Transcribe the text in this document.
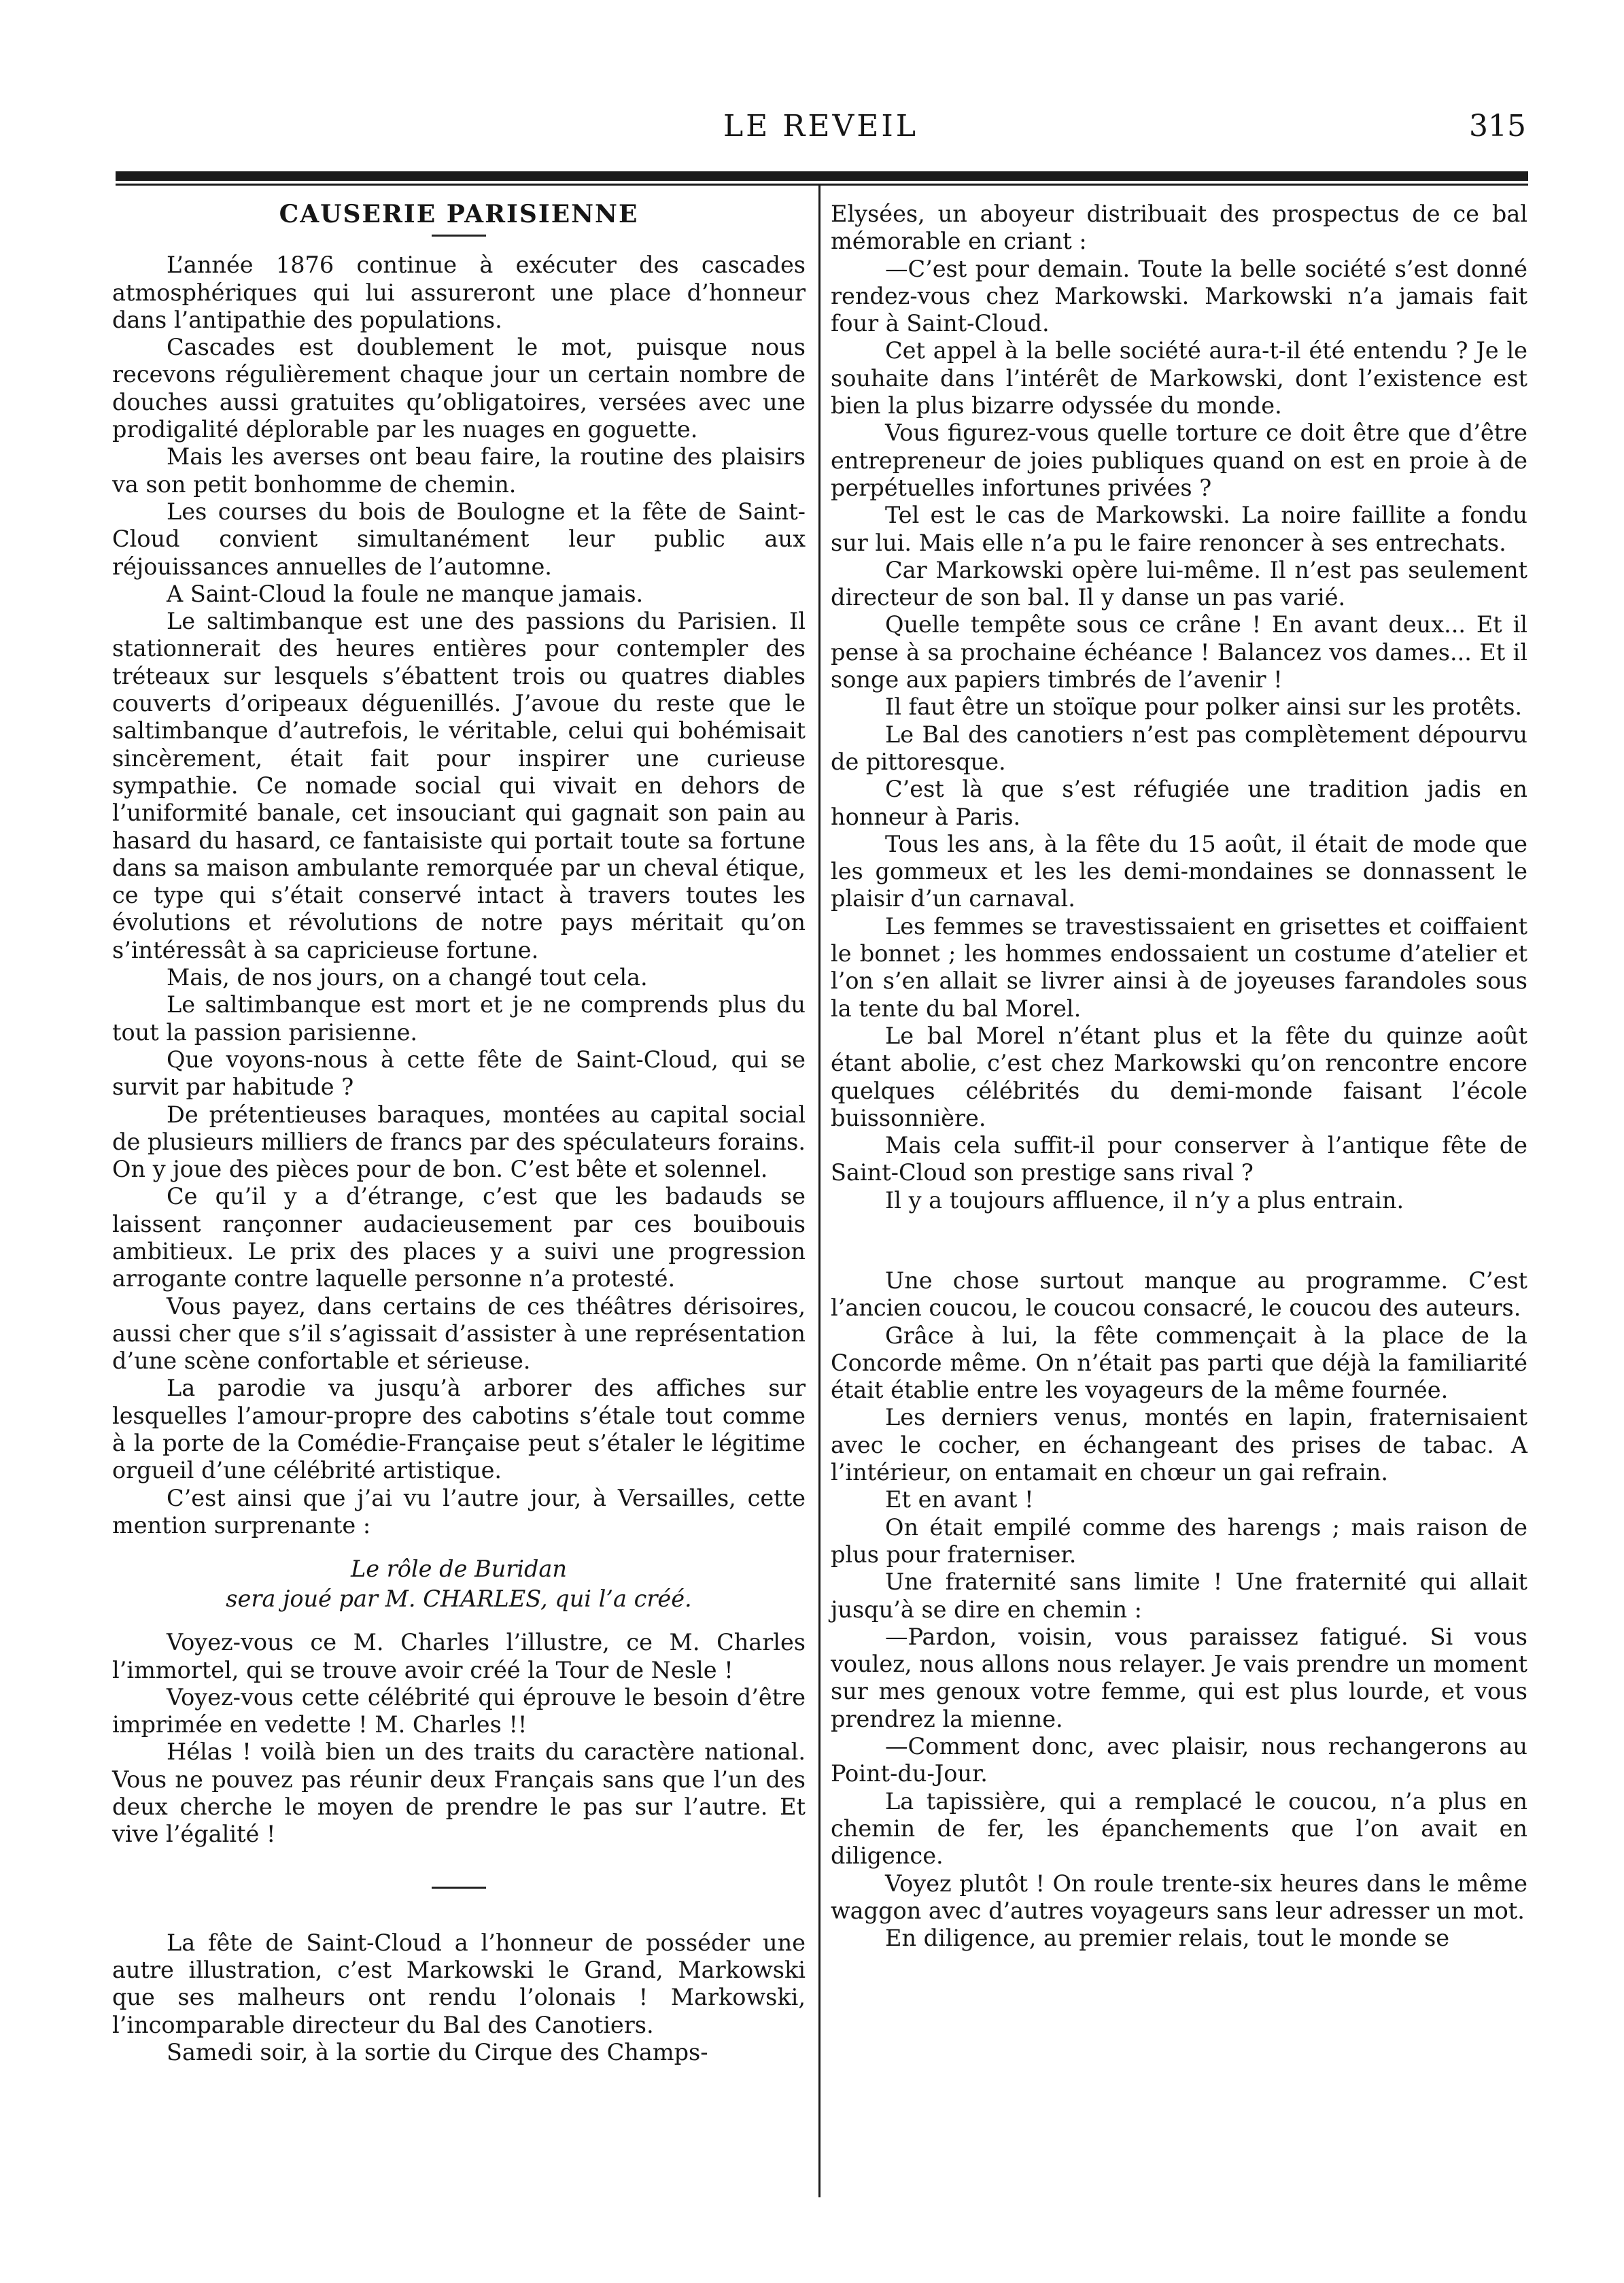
LE REVEIL	315
CAUSERIE PARISIENNE

L’année 1876 continue à exécuter des cascades atmosphériques qui lui assureront une place d’honneur dans l’antipathie des populations.

Cascades est doublement le mot, puisque nous recevons régulièrement chaque jour un certain nombre de douches aussi gratuites qu’obligatoires, versées avec une prodigalité déplorable par les nuages en goguette.

Mais les averses ont beau faire, la routine des plaisirs va son petit bonhomme de chemin.

Les courses du bois de Boulogne et la fête de Saint-Cloud convient simultanément leur public aux réjouissances annuelles de l’automne.

A Saint-Cloud la foule ne manque jamais.

Le saltimbanque est une des passions du Parisien. Il stationnerait des heures entières pour contempler des tréteaux sur lesquels s’ébattent trois ou quatres diables couverts d’oripeaux déguenillés. J’avoue du reste que le saltimbanque d’autrefois, le véritable, celui qui bohémisait sincèrement, était fait pour inspirer une curieuse sympathie. Ce nomade social qui vivait en dehors de l’uniformité banale, cet insouciant qui gagnait son pain au hasard du hasard, ce fantaisiste qui portait toute sa fortune dans sa maison ambulante remorquée par un cheval étique, ce type qui s’était conservé intact à travers toutes les évolutions et révolutions de notre pays méritait qu’on s’intéressât à sa capricieuse fortune.

Mais, de nos jours, on a changé tout cela.

Le saltimbanque est mort et je ne comprends plus du tout la passion parisienne.

Que voyons-nous à cette fête de Saint-Cloud, qui se survit par habitude ?

De prétentieuses baraques, montées au capital social de plusieurs milliers de francs par des spéculateurs forains. On y joue des pièces pour de bon. C’est bête et solennel.

Ce qu’il y a d’étrange, c’est que les badauds se laissent rançonner audacieusement par ces bouibouis ambitieux. Le prix des places y a suivi une progression arrogante contre laquelle personne n’a protesté.

Vous payez, dans certains de ces théâtres dérisoires, aussi cher que s’il s’agissait d’assister à une représentation d’une scène confortable et sérieuse.

La parodie va jusqu’à arborer des affiches sur lesquelles l’amour-propre des cabotins s’étale tout comme à la porte de la Comédie-Française peut s’étaler le légitime orgueil d’une célébrité artistique.

C’est ainsi que j’ai vu l’autre jour, à Versailles, cette mention surprenante :

Le rôle de Buridan
sera joué par M. CHARLES, qui l’a créé.

Voyez-vous ce M. Charles l’illustre, ce M. Charles l’immortel, qui se trouve avoir créé la Tour de Nesle !

Voyez-vous cette célébrité qui éprouve le besoin d’être imprimée en vedette ! M. Charles !!

Hélas ! voilà bien un des traits du caractère national. Vous ne pouvez pas réunir deux Français sans que l’un des deux cherche le moyen de prendre le pas sur l’autre. Et vive l’égalité !

La fête de Saint-Cloud a l’honneur de posséder une autre illustration, c’est Markowski le Grand, Markowski que ses malheurs ont rendu l’olonais ! Markowski, l’incomparable directeur du Bal des Canotiers.

Samedi soir, à la sortie du Cirque des Champs-

Elysées, un aboyeur distribuait des prospectus de ce bal mémorable en criant :

—C’est pour demain. Toute la belle société s’est donné rendez-vous chez Markowski. Markowski n’a jamais fait four à Saint-Cloud.

Cet appel à la belle société aura-t-il été entendu ? Je le souhaite dans l’intérêt de Markowski, dont l’existence est bien la plus bizarre odyssée du monde.

Vous figurez-vous quelle torture ce doit être que d’être entrepreneur de joies publiques quand on est en proie à de perpétuelles infortunes privées ?

Tel est le cas de Markowski. La noire faillite a fondu sur lui. Mais elle n’a pu le faire renoncer à ses entrechats.

Car Markowski opère lui-même. Il n’est pas seulement directeur de son bal. Il y danse un pas varié.

Quelle tempête sous ce crâne ! En avant deux... Et il pense à sa prochaine échéance ! Balancez vos dames... Et il songe aux papiers timbrés de l’avenir !

Il faut être un stoïque pour polker ainsi sur les protêts.

Le Bal des canotiers n’est pas complètement dépourvu de pittoresque.

C’est là que s’est réfugiée une tradition jadis en honneur à Paris.

Tous les ans, à la fête du 15 août, il était de mode que les gommeux et les les demi-mondaines se donnassent le plaisir d’un carnaval.

Les femmes se travestissaient en grisettes et coiffaient le bonnet ; les hommes endossaient un costume d’atelier et l’on s’en allait se livrer ainsi à de joyeuses farandoles sous la tente du bal Morel.

Le bal Morel n’étant plus et la fête du quinze août étant abolie, c’est chez Markowski qu’on rencontre encore quelques célébrités du demi-monde faisant l’école buissonnière.

Mais cela suffit-il pour conserver à l’antique fête de Saint-Cloud son prestige sans rival ?

Il y a toujours affluence, il n’y a plus entrain.

Une chose surtout manque au programme. C’est l’ancien coucou, le coucou consacré, le coucou des auteurs.

Grâce à lui, la fête commençait à la place de la Concorde même. On n’était pas parti que déjà la familiarité était établie entre les voyageurs de la même fournée.

Les derniers venus, montés en lapin, fraternisaient avec le cocher, en échangeant des prises de tabac. A l’intérieur, on entamait en chœur un gai refrain.

Et en avant !

On était empilé comme des harengs ; mais raison de plus pour fraterniser.

Une fraternité sans limite ! Une fraternité qui allait jusqu’à se dire en chemin :

—Pardon, voisin, vous paraissez fatigué. Si vous voulez, nous allons nous relayer. Je vais prendre un moment sur mes genoux votre femme, qui est plus lourde, et vous prendrez la mienne.

—Comment donc, avec plaisir, nous rechangerons au Point-du-Jour.

La tapissière, qui a remplacé le coucou, n’a plus en chemin de fer, les épanchements que l’on avait en diligence.

Voyez plutôt ! On roule trente-six heures dans le même waggon avec d’autres voyageurs sans leur adresser un mot.

En diligence, au premier relais, tout le monde se
